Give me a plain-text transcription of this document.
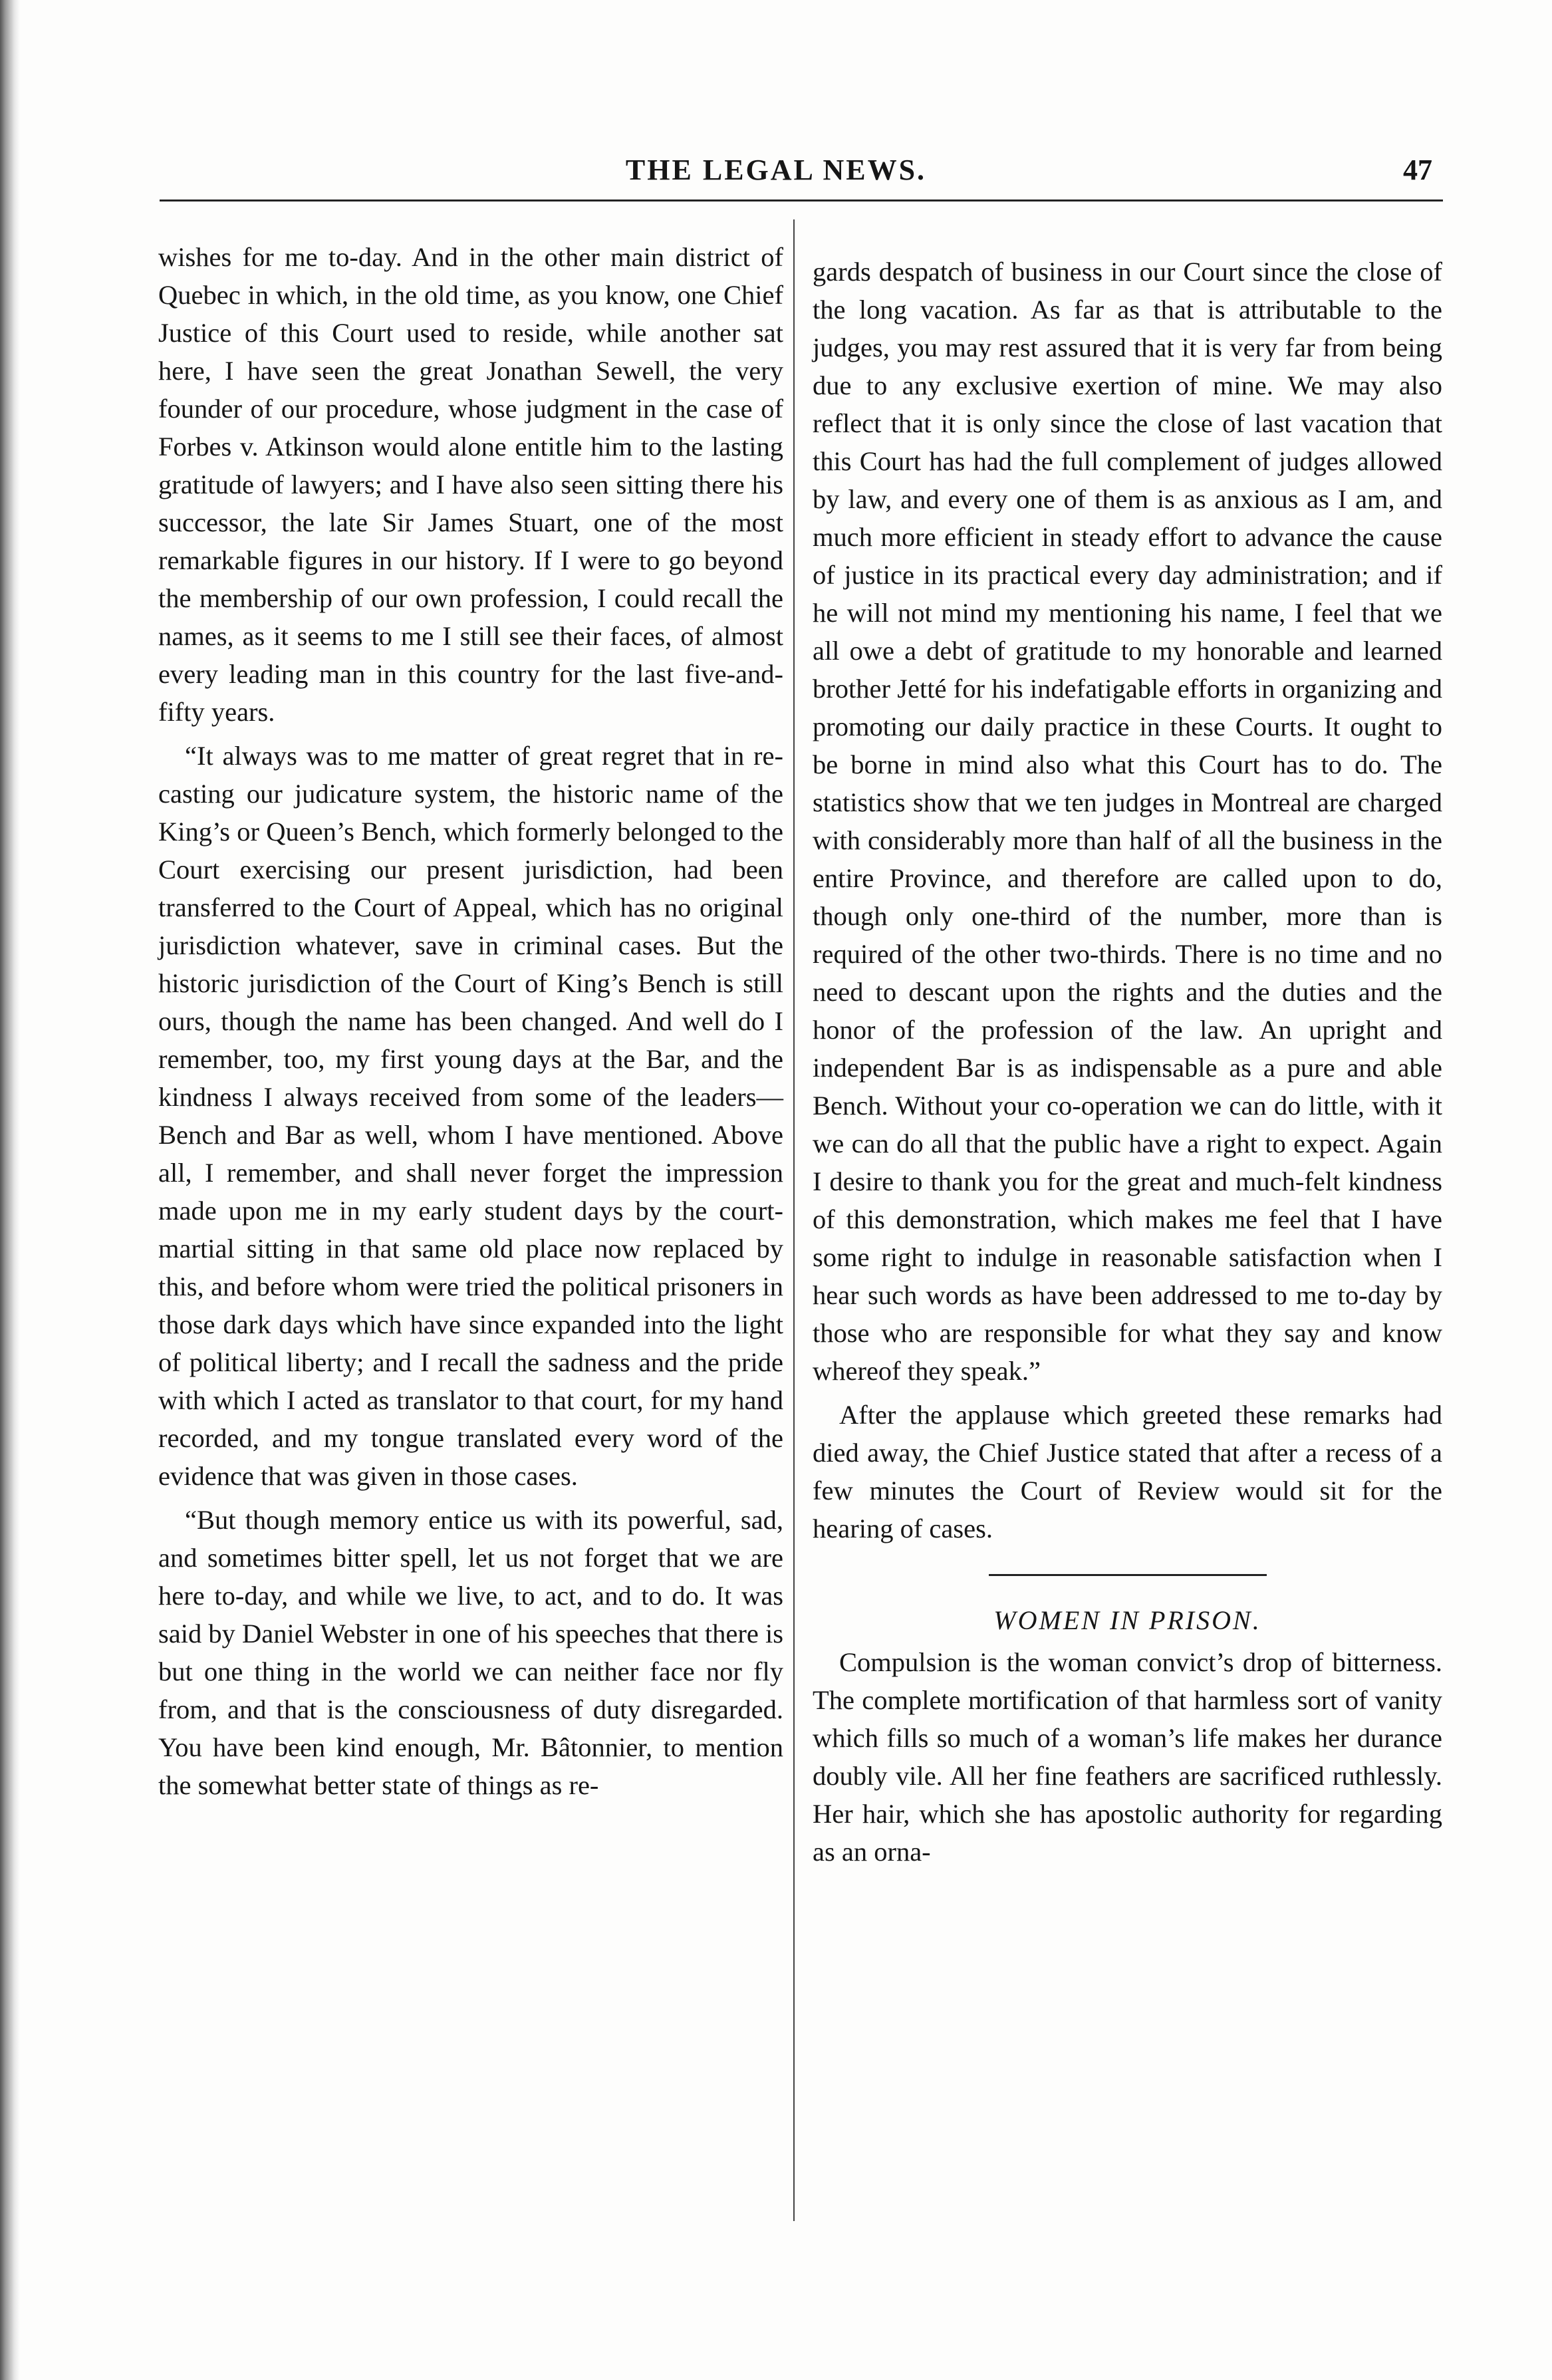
THE LEGAL NEWS.	47

wishes for me to-day. And in the other main district of Quebec in which, in the old time, as you know, one Chief Justice of this Court used to reside, while another sat here, I have seen the great Jonathan Sewell, the very founder of our procedure, whose judgment in the case of Forbes v. Atkinson would alone entitle him to the lasting gratitude of lawyers; and I have also seen sitting there his successor, the late Sir James Stuart, one of the most remarkable figures in our history. If I were to go beyond the membership of our own profession, I could recall the names, as it seems to me I still see their faces, of almost every leading man in this country for the last five-and-fifty years.

“It always was to me matter of great regret that in re-casting our judicature system, the historic name of the King’s or Queen’s Bench, which formerly belonged to the Court exercising our present jurisdiction, had been transferred to the Court of Appeal, which has no original jurisdiction whatever, save in criminal cases. But the historic jurisdiction of the Court of King’s Bench is still ours, though the name has been changed. And well do I remember, too, my first young days at the Bar, and the kindness I always received from some of the leaders—Bench and Bar as well, whom I have mentioned. Above all, I remember, and shall never forget the impression made upon me in my early student days by the court-martial sitting in that same old place now replaced by this, and before whom were tried the political prisoners in those dark days which have since expanded into the light of political liberty; and I recall the sadness and the pride with which I acted as translator to that court, for my hand recorded, and my tongue translated every word of the evidence that was given in those cases.

“But though memory entice us with its powerful, sad, and sometimes bitter spell, let us not forget that we are here to-day, and while we live, to act, and to do. It was said by Daniel Webster in one of his speeches that there is but one thing in the world we can neither face nor fly from, and that is the consciousness of duty disregarded. You have been kind enough, Mr. Bâtonnier, to mention the somewhat better state of things as re-

gards despatch of business in our Court since the close of the long vacation. As far as that is attributable to the judges, you may rest assured that it is very far from being due to any exclusive exertion of mine. We may also reflect that it is only since the close of last vacation that this Court has had the full complement of judges allowed by law, and every one of them is as anxious as I am, and much more efficient in steady effort to advance the cause of justice in its practical every day administration; and if he will not mind my mentioning his name, I feel that we all owe a debt of gratitude to my honorable and learned brother Jetté for his indefatigable efforts in organizing and promoting our daily practice in these Courts. It ought to be borne in mind also what this Court has to do. The statistics show that we ten judges in Montreal are charged with considerably more than half of all the business in the entire Province, and therefore are called upon to do, though only one-third of the number, more than is required of the other two-thirds. There is no time and no need to descant upon the rights and the duties and the honor of the profession of the law. An upright and independent Bar is as indispensable as a pure and able Bench. Without your co-operation we can do little, with it we can do all that the public have a right to expect. Again I desire to thank you for the great and much-felt kindness of this demonstration, which makes me feel that I have some right to indulge in reasonable satisfaction when I hear such words as have been addressed to me to-day by those who are responsible for what they say and know whereof they speak.”

After the applause which greeted these remarks had died away, the Chief Justice stated that after a recess of a few minutes the Court of Review would sit for the hearing of cases.

WOMEN IN PRISON.

Compulsion is the woman convict’s drop of bitterness. The complete mortification of that harmless sort of vanity which fills so much of a woman’s life makes her durance doubly vile. All her fine feathers are sacrificed ruthlessly. Her hair, which she has apostolic authority for regarding as an orna-
